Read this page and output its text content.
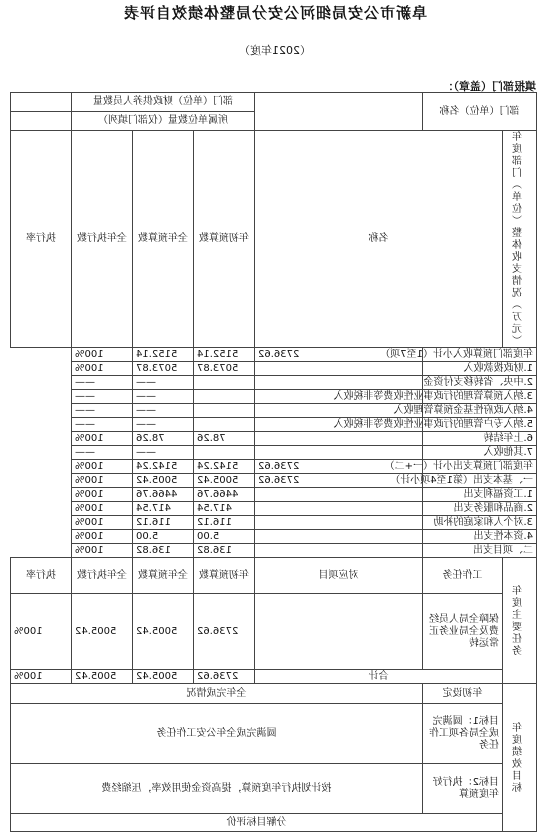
阜新市公安局细河公安分局整体绩效自评表
（2021年度）
填报部门（盖章）：
部门（单位）名称			部门（单位）财政供养人员数量			
			所属单位数量（仅部门填列）			
年度部门（单位）整体收支情况（万元）	名称		年初预算数	全年预算数	全年执行数	执行率
年度部门预算收入小计（1至7项）		2736.62	5152.14	5152.14	100%	
1.财政拨款收入			5073.87	5073.87	100%	
2.中央、省转移支付资金				——	——	
3.纳入预算管理的行政事业性收费等非税收入				——	——	
4.纳入政府性基金预算管理收入				——	——	
5.纳入专户管理的行政事业性收费等非税收入				——	——	
6.上年结转			78.26	78.26	100%	
7.其他收入				——	——	
年度部门预算支出小计（一+二）		2736.62	5142.24	5142.24	100%	
一、基本支出（第1至4项小计）		2736.62	5005.42	5005.42	100%	
1.工资福利支出			4466.76	4466.76	100%	
2.商品和服务支出			417.54	417.54	100%	
3.对个人和家庭的补助			116.12	116.12	100%	
4.资本性支出			5.00	5.00	100%	
二、项目支出			136.82	136.82	100%	
年度主要任务	工作任务	对应项目	年初预算数	全年预算数	全年执行数	执行率
	保障全局人员经费及全局业务正常运转		2736.62	5005.42	5005.42	100%
	合计		2736.62	5005.42	5005.42	100%
年度绩效目标	年初设定	全年完成情况				
	目标1：圆满完成全局各项工作任务	圆满完成全年公安工作任务				
	目标2：执行好年度预算	按计划执行年度预算，提高资金使用效率，压缩经费				
	分解目标评价					
